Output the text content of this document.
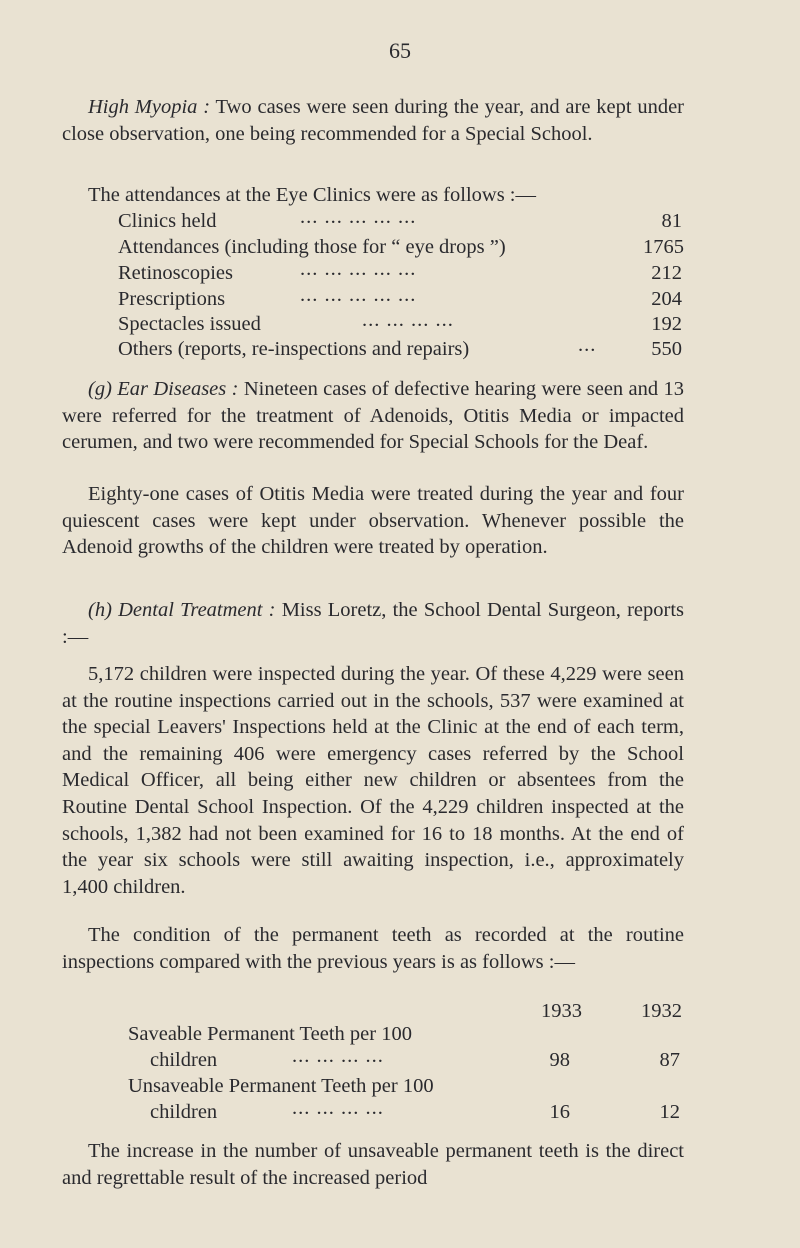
65
High Myopia : Two cases were seen during the year, and are kept under close observation, one being recommended for a Special School.
The attendances at the Eye Clinics were as follows :—
Clinics held	... ... ... ... ...	81
Attendances (including those for “ eye drops ”)	1765
Retinoscopies	... ... ... ... ...	212
Prescriptions	... ... ... ... ...	204
Spectacles issued	... ... ... ...	192
Others (reports, re-inspections and repairs)	...	550
(g) Ear Diseases : Nineteen cases of defective hearing were seen and 13 were referred for the treatment of Adenoids, Otitis Media or impacted cerumen, and two were recommended for Special Schools for the Deaf.
Eighty-one cases of Otitis Media were treated during the year and four quiescent cases were kept under observation. Whenever possible the Adenoid growths of the children were treated by operation.
(h) Dental Treatment : Miss Loretz, the School Dental Surgeon, reports :—
5,172 children were inspected during the year. Of these 4,229 were seen at the routine inspections carried out in the schools, 537 were examined at the special Leavers' Inspections held at the Clinic at the end of each term, and the remaining 406 were emergency cases referred by the School Medical Officer, all being either new children or absentees from the Routine Dental School Inspection. Of the 4,229 children inspected at the schools, 1,382 had not been examined for 16 to 18 months. At the end of the year six schools were still awaiting inspection, i.e., approximately 1,400 children.
The condition of the permanent teeth as recorded at the routine inspections compared with the previous years is as follows :—
1933	1932
Saveable Permanent Teeth per 100
children	... ... ... ...	98	87
Unsaveable Permanent Teeth per 100
children	... ... ... ...	16	12
The increase in the number of unsaveable permanent teeth is the direct and regrettable result of the increased period
